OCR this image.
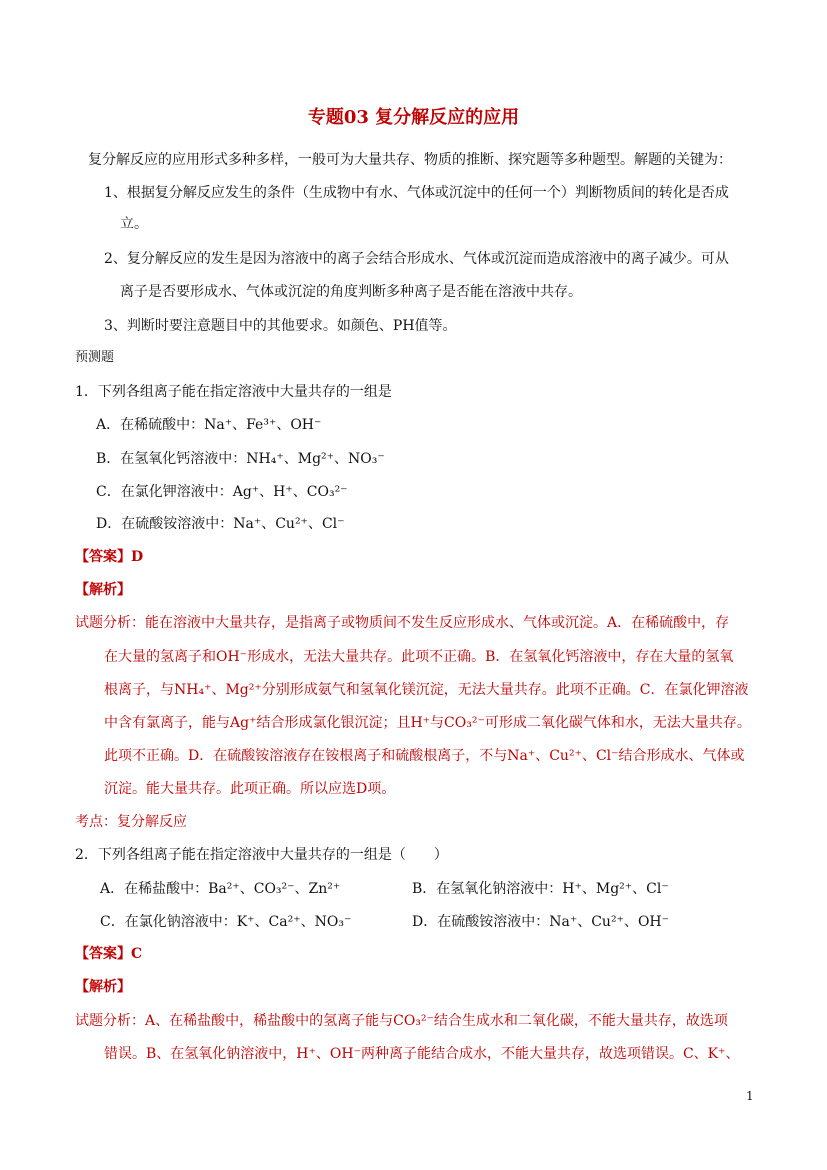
专题03 复分解反应的应用
复分解反应的应用形式多种多样，一般可为大量共存、物质的推断、探究题等多种题型。解题的关键为：
1、根据复分解反应发生的条件（生成物中有水、气体或沉淀中的任何一个）判断物质间的转化是否成
立。
2、复分解反应的发生是因为溶液中的离子会结合形成水、气体或沉淀而造成溶液中的离子减少。可从
离子是否要形成水、气体或沉淀的角度判断多种离子是否能在溶液中共存。
3、判断时要注意题目中的其他要求。如颜色、PH值等。
预测题
1．下列各组离子能在指定溶液中大量共存的一组是
A．在稀硫酸中：Na⁺、Fe³⁺、OH⁻
B．在氢氧化钙溶液中：NH₄⁺、Mg²⁺、NO₃⁻
C．在氯化钾溶液中：Ag⁺、H⁺、CO₃²⁻
D．在硫酸铵溶液中：Na⁺、Cu²⁺、Cl⁻
【答案】D
【解析】
试题分析：能在溶液中大量共存，是指离子或物质间不发生反应形成水、气体或沉淀。A．在稀硫酸中，存
在大量的氢离子和OH⁻形成水，无法大量共存。此项不正确。B．在氢氧化钙溶液中，存在大量的氢氧
根离子，与NH₄⁺、Mg²⁺分别形成氨气和氢氧化镁沉淀，无法大量共存。此项不正确。C．在氯化钾溶液
中含有氯离子，能与Ag⁺结合形成氯化银沉淀；且H⁺与CO₃²⁻可形成二氧化碳气体和水，无法大量共存。
此项不正确。D．在硫酸铵溶液存在铵根离子和硫酸根离子，不与Na⁺、Cu²⁺、Cl⁻结合形成水、气体或
沉淀。能大量共存。此项正确。所以应选D项。
考点：复分解反应
2．下列各组离子能在指定溶液中大量共存的一组是（　　）
A．在稀盐酸中：Ba²⁺、CO₃²⁻、Zn²⁺	B．在氢氧化钠溶液中：H⁺、Mg²⁺、Cl⁻
C．在氯化钠溶液中：K⁺、Ca²⁺、NO₃⁻	D．在硫酸铵溶液中：Na⁺、Cu²⁺、OH⁻
【答案】C
【解析】
试题分析：A、在稀盐酸中，稀盐酸中的氢离子能与CO₃²⁻结合生成水和二氧化碳，不能大量共存，故选项
错误。B、在氢氧化钠溶液中，H⁺、OH⁻两种离子能结合成水，不能大量共存，故选项错误。C、K⁺、
1
